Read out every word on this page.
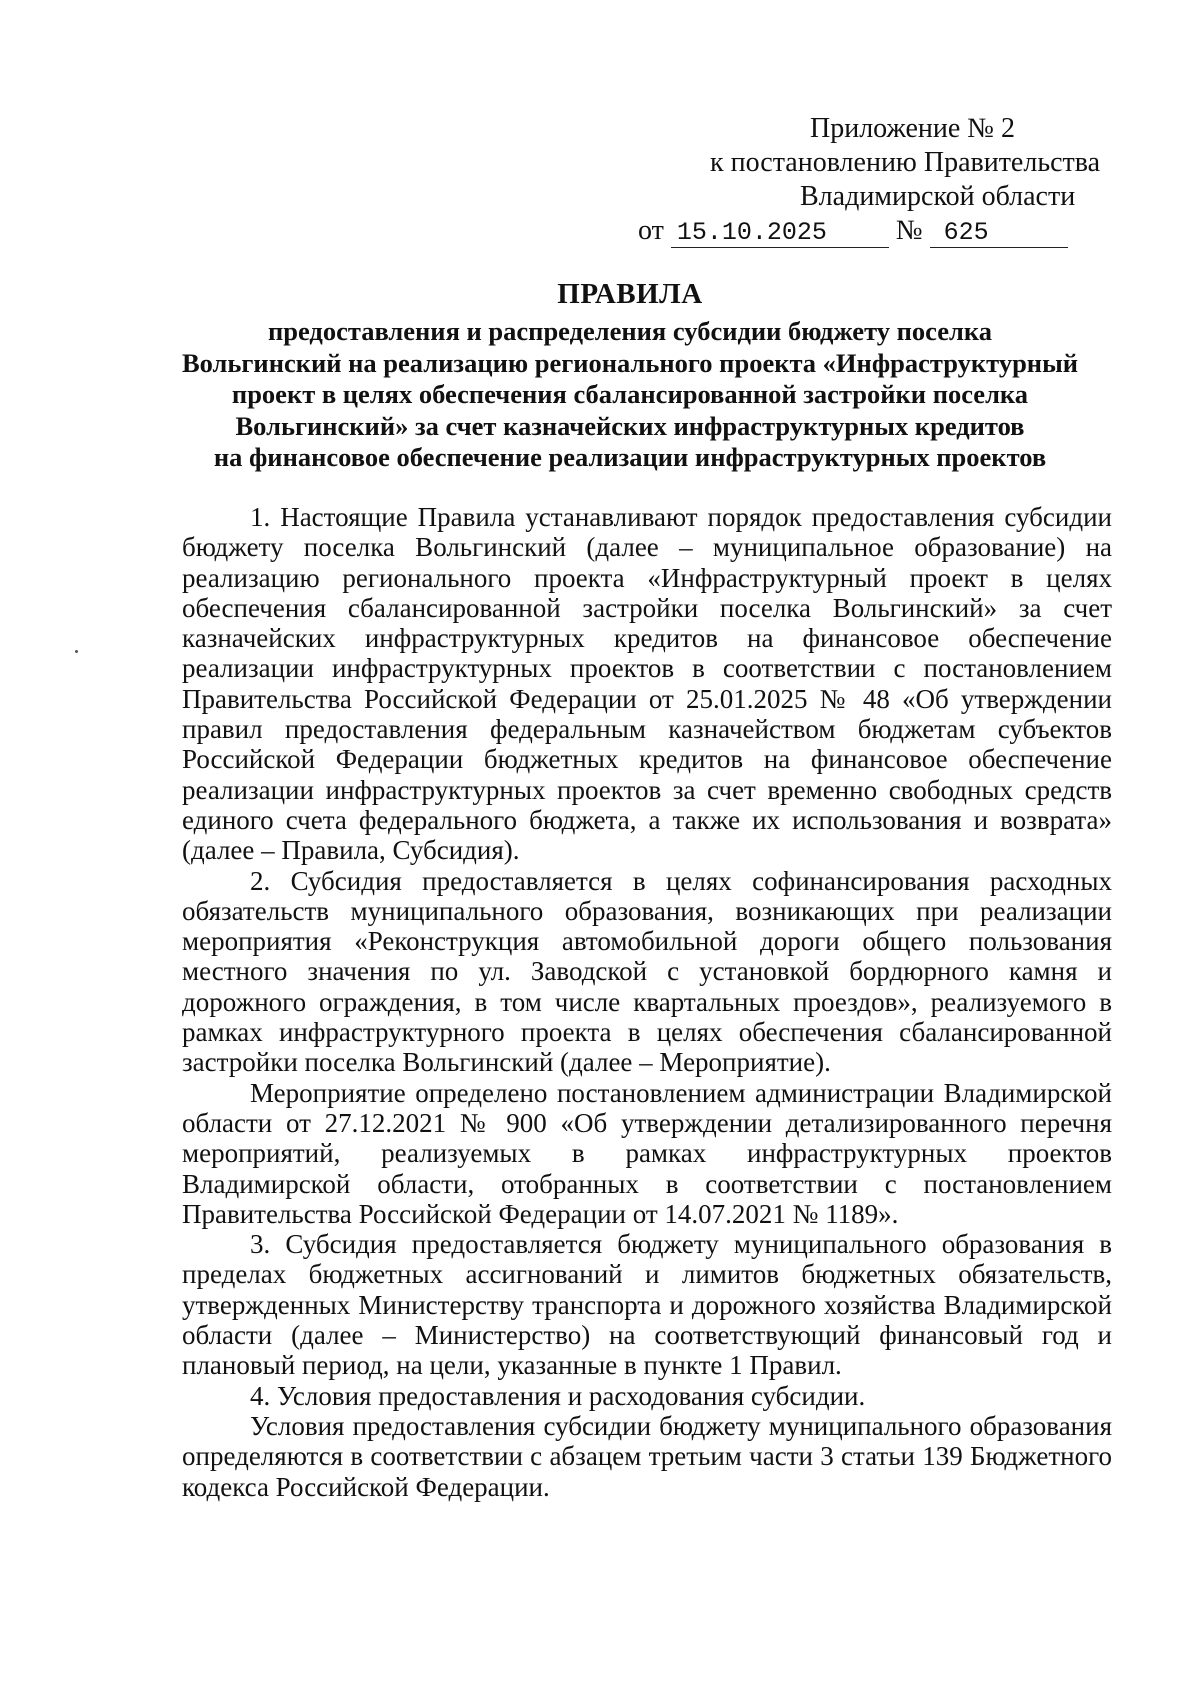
Приложение № 2
к постановлению Правительства
Владимирской области
от 15.10.2025 № 625
ПРАВИЛА
предоставления и распределения субсидии бюджету поселка
Вольгинский на реализацию регионального проекта «Инфраструктурный
проект в целях обеспечения сбалансированной застройки поселка
Вольгинский» за счет казначейских инфраструктурных кредитов
на финансовое обеспечение реализации инфраструктурных проектов

1. Настоящие Правила устанавливают порядок предоставления субсидии бюджету поселка Вольгинский (далее – муниципальное образование) на реализацию регионального проекта «Инфраструктурный проект в целях обеспечения сбалансированной застройки поселка Вольгинский» за счет казначейских инфраструктурных кредитов на финансовое обеспечение реализации инфраструктурных проектов в соответствии с постановлением Правительства Российской Федерации от 25.01.2025 № 48 «Об утверждении правил предоставления федеральным казначейством бюджетам субъектов Российской Федерации бюджетных кредитов на финансовое обеспечение реализации инфраструктурных проектов за счет временно свободных средств единого счета федерального бюджета, а также их использования и возврата» (далее – Правила, Субсидия).

2. Субсидия предоставляется в целях софинансирования расходных обязательств муниципального образования, возникающих при реализации мероприятия «Реконструкция автомобильной дороги общего пользования местного значения по ул. Заводской с установкой бордюрного камня и дорожного ограждения, в том числе квартальных проездов», реализуемого в рамках инфраструктурного проекта в целях обеспечения сбалансированной застройки поселка Вольгинский (далее – Мероприятие).

Мероприятие определено постановлением администрации Владимирской области от 27.12.2021 № 900 «Об утверждении детализированного перечня мероприятий, реализуемых в рамках инфраструктурных проектов Владимирской области, отобранных в соответствии с постановлением Правительства Российской Федерации от 14.07.2021 № 1189».

3. Субсидия предоставляется бюджету муниципального образования в пределах бюджетных ассигнований и лимитов бюджетных обязательств, утвержденных Министерству транспорта и дорожного хозяйства Владимирской области (далее – Министерство) на соответствующий финансовый год и плановый период, на цели, указанные в пункте 1 Правил.

4. Условия предоставления и расходования субсидии.

Условия предоставления субсидии бюджету муниципального образования определяются в соответствии с абзацем третьим части 3 статьи 139 Бюджетного кодекса Российской Федерации.
